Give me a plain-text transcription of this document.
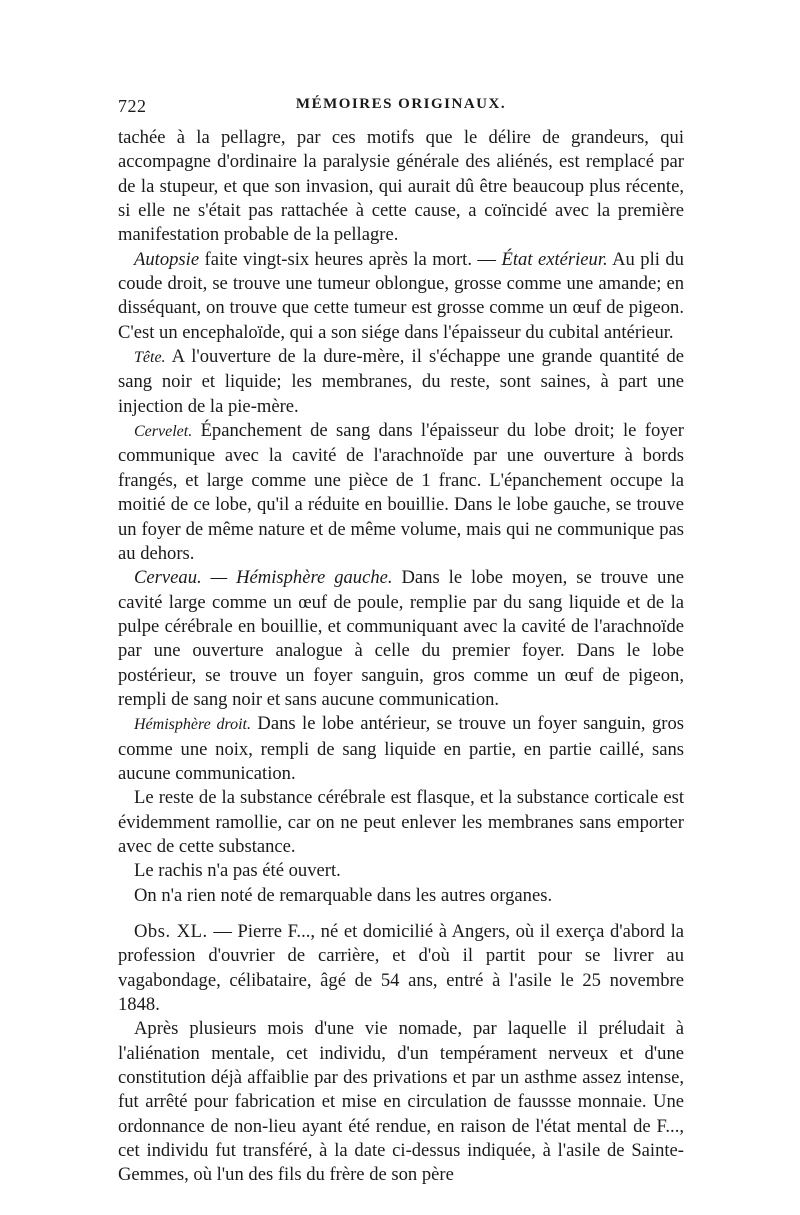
722	MÉMOIRES ORIGINAUX.

tachée à la pellagre, par ces motifs que le délire de grandeurs, qui accompagne d'ordinaire la paralysie générale des aliénés, est remplacé par de la stupeur, et que son invasion, qui aurait dû être beaucoup plus récente, si elle ne s'était pas rattachée à cette cause, a coïncidé avec la première manifestation probable de la pellagre.

Autopsie faite vingt-six heures après la mort. — État extérieur. Au pli du coude droit, se trouve une tumeur oblongue, grosse comme une amande; en disséquant, on trouve que cette tumeur est grosse comme un œuf de pigeon. C'est un encephaloïde, qui a son siége dans l'épaisseur du cubital antérieur.

Tête. A l'ouverture de la dure-mère, il s'échappe une grande quantité de sang noir et liquide; les membranes, du reste, sont saines, à part une injection de la pie-mère.

Cervelet. Épanchement de sang dans l'épaisseur du lobe droit; le foyer communique avec la cavité de l'arachnoïde par une ouverture à bords frangés, et large comme une pièce de 1 franc. L'épanchement occupe la moitié de ce lobe, qu'il a réduite en bouillie. Dans le lobe gauche, se trouve un foyer de même nature et de même volume, mais qui ne communique pas au dehors.

Cerveau. — Hémisphère gauche. Dans le lobe moyen, se trouve une cavité large comme un œuf de poule, remplie par du sang liquide et de la pulpe cérébrale en bouillie, et communiquant avec la cavité de l'arachnoïde par une ouverture analogue à celle du premier foyer. Dans le lobe postérieur, se trouve un foyer sanguin, gros comme un œuf de pigeon, rempli de sang noir et sans aucune communication.

Hémisphère droit. Dans le lobe antérieur, se trouve un foyer sanguin, gros comme une noix, rempli de sang liquide en partie, en partie caillé, sans aucune communication.

Le reste de la substance cérébrale est flasque, et la substance corticale est évidemment ramollie, car on ne peut enlever les membranes sans emporter avec de cette substance.

Le rachis n'a pas été ouvert.

On n'a rien noté de remarquable dans les autres organes.

Obs. XL. — Pierre F..., né et domicilié à Angers, où il exerça d'abord la profession d'ouvrier de carrière, et d'où il partit pour se livrer au vagabondage, célibataire, âgé de 54 ans, entré à l'asile le 25 novembre 1848.

Après plusieurs mois d'une vie nomade, par laquelle il préludait à l'aliénation mentale, cet individu, d'un tempérament nerveux et d'une constitution déjà affaiblie par des privations et par un asthme assez intense, fut arrêté pour fabrication et mise en circulation de faussse monnaie. Une ordonnance de non-lieu ayant été rendue, en raison de l'état mental de F..., cet individu fut transféré, à la date ci-dessus indiquée, à l'asile de Sainte-Gemmes, où l'un des fils du frère de son père
